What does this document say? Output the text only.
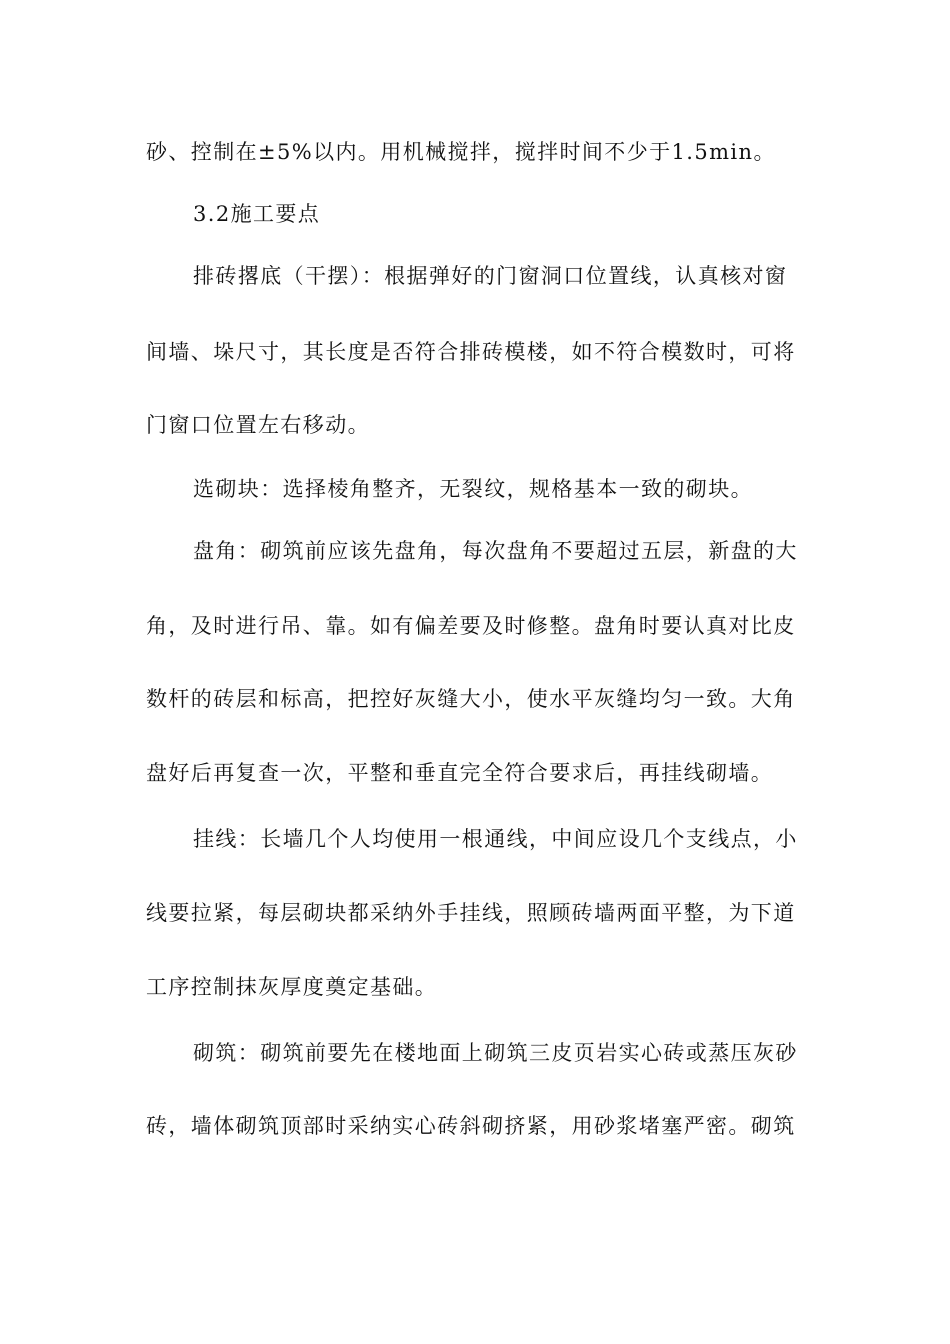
砂、控制在±5%以内。用机械搅拌，搅拌时间不少于1.5min。
3.2施工要点
排砖撂底（干摆）：根据弹好的门窗洞口位置线，认真核对窗
间墙、垛尺寸，其长度是否符合排砖模楼，如不符合模数时，可将
门窗口位置左右移动。
选砌块：选择棱角整齐，无裂纹，规格基本一致的砌块。
盘角：砌筑前应该先盘角，每次盘角不要超过五层，新盘的大
角，及时进行吊、靠。如有偏差要及时修整。盘角时要认真对比皮
数杆的砖层和标高，把控好灰缝大小，使水平灰缝均匀一致。大角
盘好后再复查一次，平整和垂直完全符合要求后，再挂线砌墙。
挂线：长墙几个人均使用一根通线，中间应设几个支线点，小
线要拉紧，每层砌块都采纳外手挂线，照顾砖墙两面平整，为下道
工序控制抹灰厚度奠定基础。
砌筑：砌筑前要先在楼地面上砌筑三皮页岩实心砖或蒸压灰砂
砖，墙体砌筑顶部时采纳实心砖斜砌挤紧，用砂浆堵塞严密。砌筑
